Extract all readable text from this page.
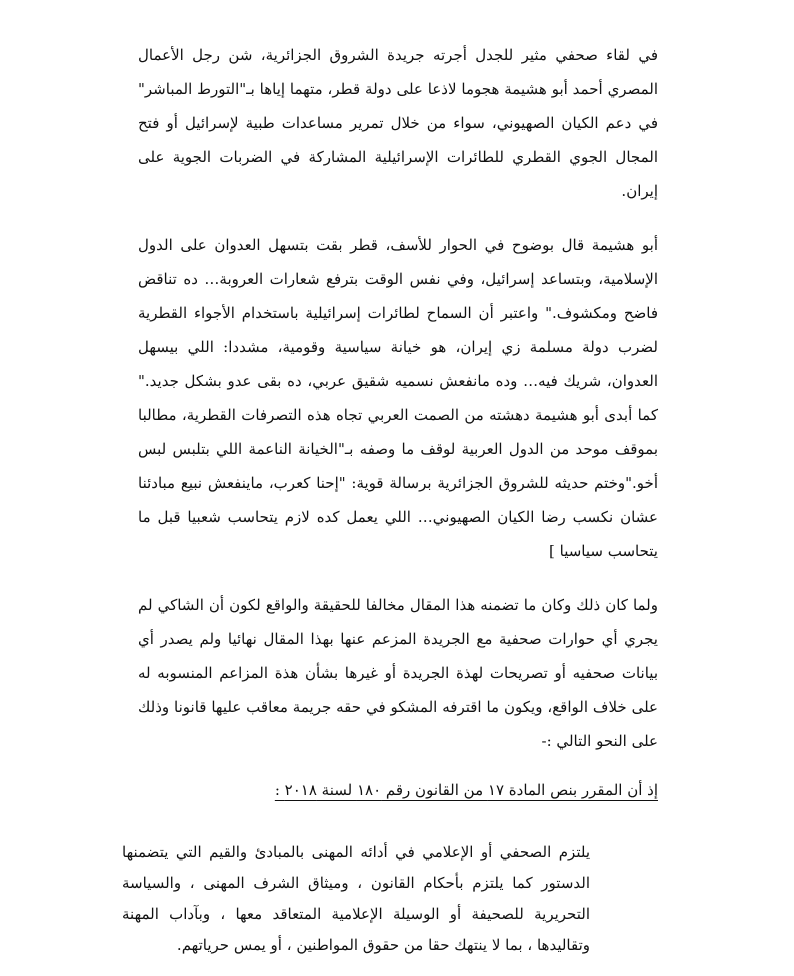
في لقاء صحفي مثير للجدل أجرته جريدة الشروق الجزائرية، شن رجل الأعمال المصري أحمد أبو هشيمة هجوما لاذعا على دولة قطر، متهما إياها بـ"التورط المباشر" في دعم الكيان الصهيوني، سواء من خلال تمرير مساعدات طبية لإسرائيل أو فتح المجال الجوي القطري للطائرات الإسرائيلية المشاركة في الضربات الجوية على إيران.

أبو هشيمة قال بوضوح في الحوار للأسف، قطر بقت بتسهل العدوان على الدول الإسلامية، وبتساعد إسرائيل، وفي نفس الوقت بترفع شعارات العروبة… ده تناقض فاضح ومكشوف." واعتبر أن السماح لطائرات إسرائيلية باستخدام الأجواء القطرية لضرب دولة مسلمة زي إيران، هو خيانة سياسية وقومية، مشددا: اللي بيسهل العدوان، شريك فيه… وده مانفعش نسميه شقيق عربي، ده بقى عدو بشكل جديد." كما أبدى أبو هشيمة دهشته من الصمت العربي تجاه هذه التصرفات القطرية، مطالبا بموقف موحد من الدول العربية لوقف ما وصفه بـ"الخيانة الناعمة اللي بتلبس لبس أخو."وختم حديثه للشروق الجزائرية برسالة قوية: "إحنا كعرب، ماينفعش نبيع مبادئنا عشان نكسب رضا الكيان الصهيوني… اللي يعمل كده لازم يتحاسب شعبيا قبل ما يتحاسب سياسيا ]

ولما كان ذلك وكان ما تضمنه هذا المقال مخالفا للحقيقة والواقع لكون أن الشاكي لم يجري أي حوارات صحفية مع الجريدة المزعم عنها بهذا المقال نهائيا ولم يصدر أي بيانات صحفيه أو تصريحات لهذة الجريدة أو غيرها بشأن هذة المزاعم المنسوبه له على خلاف الواقع، ويكون ما اقترفه المشكو في حقه جريمة معاقب عليها قانونا وذلك على النحو التالي :-

إذ أن المقرر بنص المادة ١٧ من القانون رقم ١٨٠ لسنة ٢٠١٨ :

يلتزم الصحفي أو الإعلامي في أدائه المهنى بالمبادئ والقيم التي يتضمنها الدستور كما يلتزم بأحكام القانون ، وميثاق الشرف المهنى ، والسياسة التحريرية للصحيفة أو الوسيلة الإعلامية المتعاقد معها ، وبآداب المهنة وتقاليدها ، بما لا ينتهك حقا من حقوق المواطنين ، أو يمس حرياتهم.
